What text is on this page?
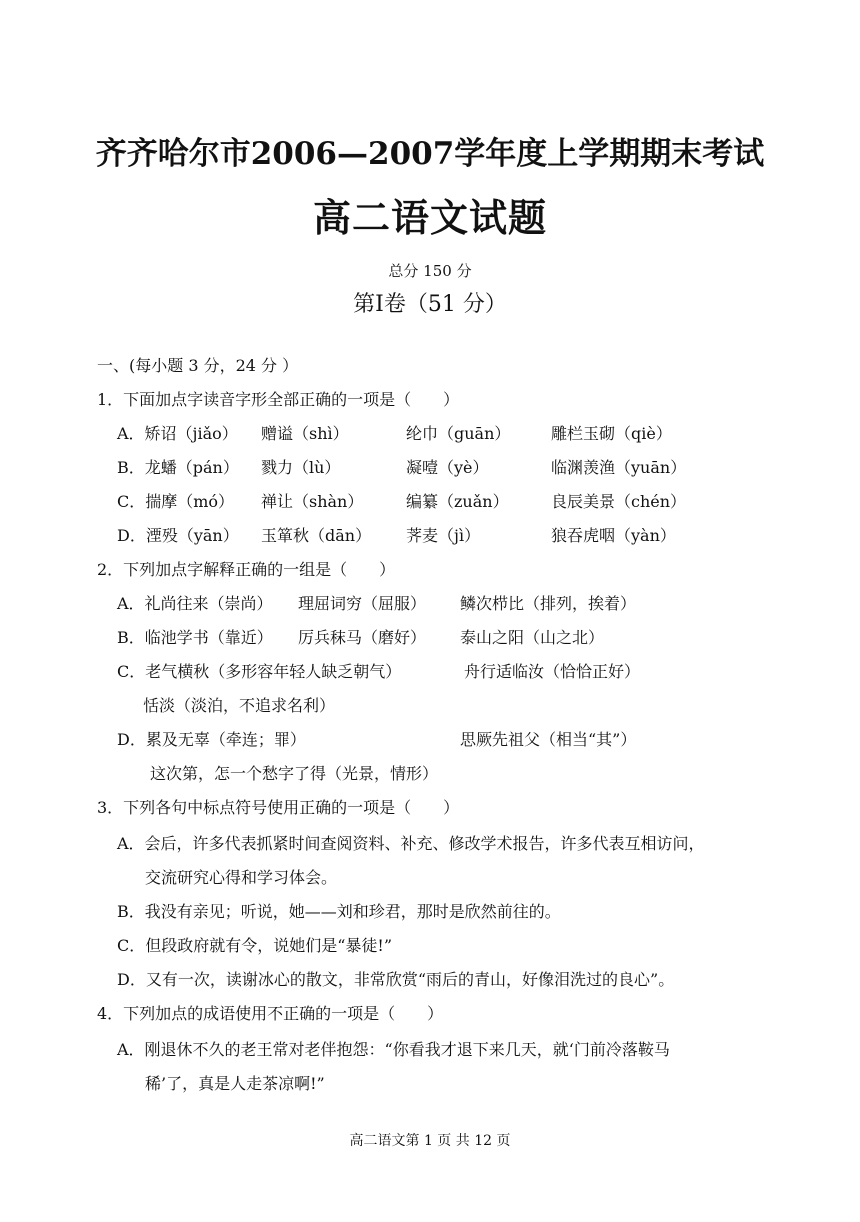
齐齐哈尔市2006—2007学年度上学期期末考试
高二语文试题
总分 150 分
第Ⅰ卷（51 分）
一、(每小题 3 分，24 分 ）
1．下面加点字读音字形全部正确的一项是（　　）
A．矫诏（jiǎo） 赠谥（shì）	纶巾（guān）	雕栏玉砌（qiè）
B．龙蟠（pán） 戮力（lù）	凝噎（yè）	临渊羡渔（yuān）
C．揣摩（mó） 禅让（shàn）	编纂（zuǎn）	良辰美景（chén）
D．湮殁（yān） 玉箪秋（dān） 荠麦（jì）	狼吞虎咽（yàn）
2．下列加点字解释正确的一组是（　　）
A．礼尚往来（崇尚） 理屈词穷（屈服） 鳞次栉比（排列，挨着）
B．临池学书（靠近） 厉兵秣马（磨好） 泰山之阳（山之北）
C．老气横秋（多形容年轻人缺乏朝气）	舟行适临汝（恰恰正好）
恬淡（淡泊，不追求名利）
D．累及无辜（牵连；罪）	思厥先祖父（相当“其”）
这次第，怎一个愁字了得（光景，情形）
3．下列各句中标点符号使用正确的一项是（　　）
A．会后，许多代表抓紧时间查阅资料、补充、修改学术报告，许多代表互相访问，
交流研究心得和学习体会。
B．我没有亲见；听说，她——刘和珍君，那时是欣然前往的。
C．但段政府就有令，说她们是“暴徒!”
D．又有一次，读谢冰心的散文，非常欣赏“雨后的青山，好像泪洗过的良心”。
4．下列加点的成语使用不正确的一项是（　　）
A．刚退休不久的老王常对老伴抱怨：“你看我才退下来几天，就‘门前冷落鞍马
稀’了，真是人走茶凉啊!”
高二语文第 1 页 共 12 页
